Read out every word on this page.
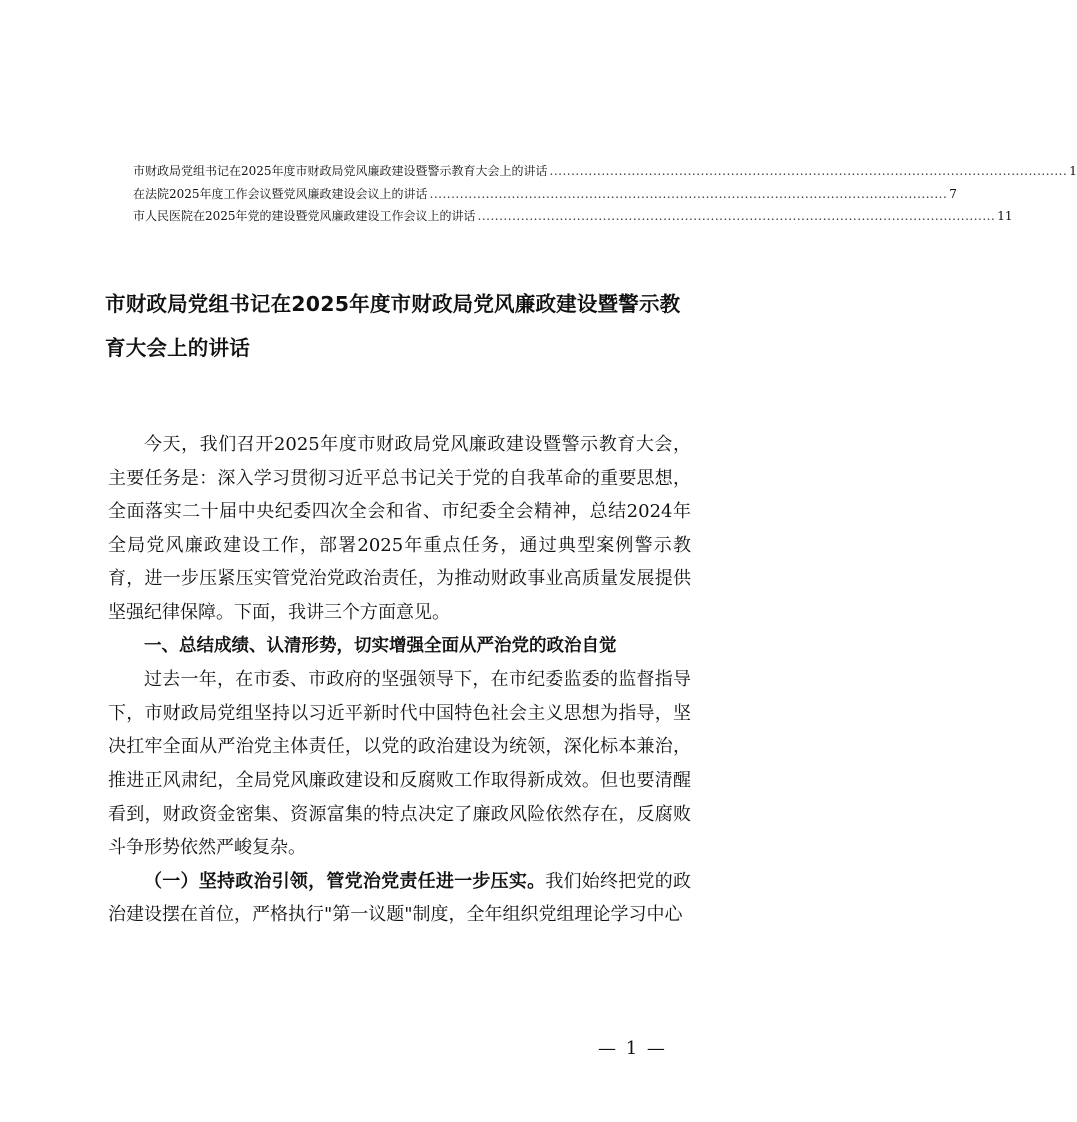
市财政局党组书记在2025年度市财政局党风廉政建设暨警示教育大会上的讲话 ........................................................................................................................ 1
在法院2025年度工作会议暨党风廉政建设会议上的讲话 ........................................................................................................................ 7
市人民医院在2025年党的建设暨党风廉政建设工作会议上的讲话 ........................................................................................................................ 11
市财政局党组书记在2025年度市财政局党风廉政建设暨警示教育大会上的讲话

今天，我们召开2025年度市财政局党风廉政建设暨警示教育大会，主要任务是：深入学习贯彻习近平总书记关于党的自我革命的重要思想，全面落实二十届中央纪委四次全会和省、市纪委全会精神，总结2024年全局党风廉政建设工作，部署2025年重点任务，通过典型案例警示教育，进一步压紧压实管党治党政治责任，为推动财政事业高质量发展提供坚强纪律保障。下面，我讲三个方面意见。

一、总结成绩、认清形势，切实增强全面从严治党的政治自觉

过去一年，在市委、市政府的坚强领导下，在市纪委监委的监督指导下，市财政局党组坚持以习近平新时代中国特色社会主义思想为指导，坚决扛牢全面从严治党主体责任，以党的政治建设为统领，深化标本兼治，推进正风肃纪，全局党风廉政建设和反腐败工作取得新成效。但也要清醒看到，财政资金密集、资源富集的特点决定了廉政风险依然存在，反腐败斗争形势依然严峻复杂。

（一）坚持政治引领，管党治党责任进一步压实。我们始终把党的政治建设摆在首位，严格执行"第一议题"制度，全年组织党组理论学习中心

— 1 —
